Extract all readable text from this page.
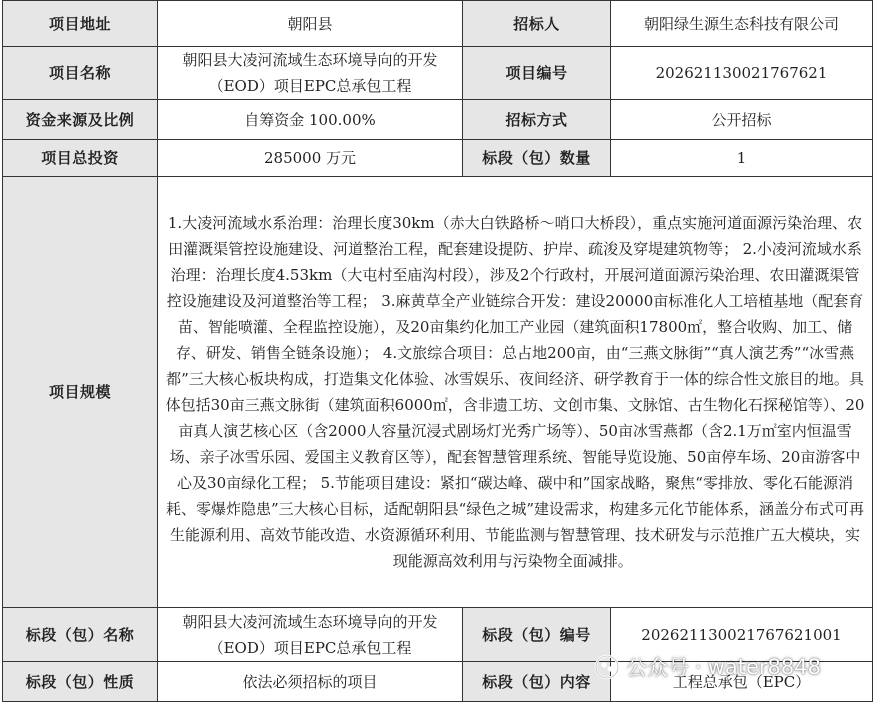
项目地址	朝阳县	招标人	朝阳绿生源生态科技有限公司
项目名称	朝阳县大凌河流域生态环境导向的开发（EOD）项目EPC总承包工程	项目编号	202621130021767621
资金来源及比例	自筹资金 100.00%	招标方式	公开招标
项目总投资	285000 万元	标段（包）数量	1
项目规模	1.大凌河流域水系治理：治理长度30km（赤大白铁路桥～哨口大桥段），重点实施河道面源污染治理、农田灌溉渠管控设施建设、河道整治工程，配套建设提防、护岸、疏浚及穿堤建筑物等； 2.小凌河流域水系治理：治理长度4.53km（大屯村至庙沟村段），涉及2个行政村，开展河道面源污染治理、农田灌溉渠管控设施建设及河道整治等工程； 3.麻黄草全产业链综合开发：建设20000亩标准化人工培植基地（配套育苗、智能喷灌、全程监控设施），及20亩集约化加工产业园（建筑面积17800㎡，整合收购、加工、储存、研发、销售全链条设施）； 4.文旅综合项目：总占地200亩，由“三燕文脉街”“真人演艺秀”“冰雪燕都”三大核心板块构成，打造集文化体验、冰雪娱乐、夜间经济、研学教育于一体的综合性文旅目的地。具体包括30亩三燕文脉街（建筑面积6000㎡，含非遗工坊、文创市集、文脉馆、古生物化石探秘馆等）、20亩真人演艺核心区（含2000人容量沉浸式剧场灯光秀广场等）、50亩冰雪燕都（含2.1万㎡室内恒温雪场、亲子冰雪乐园、爱国主义教育区等），配套智慧管理系统、智能导览设施、50亩停车场、20亩游客中心及30亩绿化工程； 5.节能项目建设：紧扣“碳达峰、碳中和”国家战略，聚焦“零排放、零化石能源消耗、零爆炸隐患”三大核心目标，适配朝阳县“绿色之城”建设需求，构建多元化节能体系，涵盖分布式可再生能源利用、高效节能改造、水资源循环利用、节能监测与智慧管理、技术研发与示范推广五大模块，实现能源高效利用与污染物全面减排。		
标段（包）名称	朝阳县大凌河流域生态环境导向的开发（EOD）项目EPC总承包工程	标段（包）编号	202621130021767621001
标段（包）性质	依法必须招标的项目	标段（包）内容	工程总承包（EPC）
公众号 · water8848
